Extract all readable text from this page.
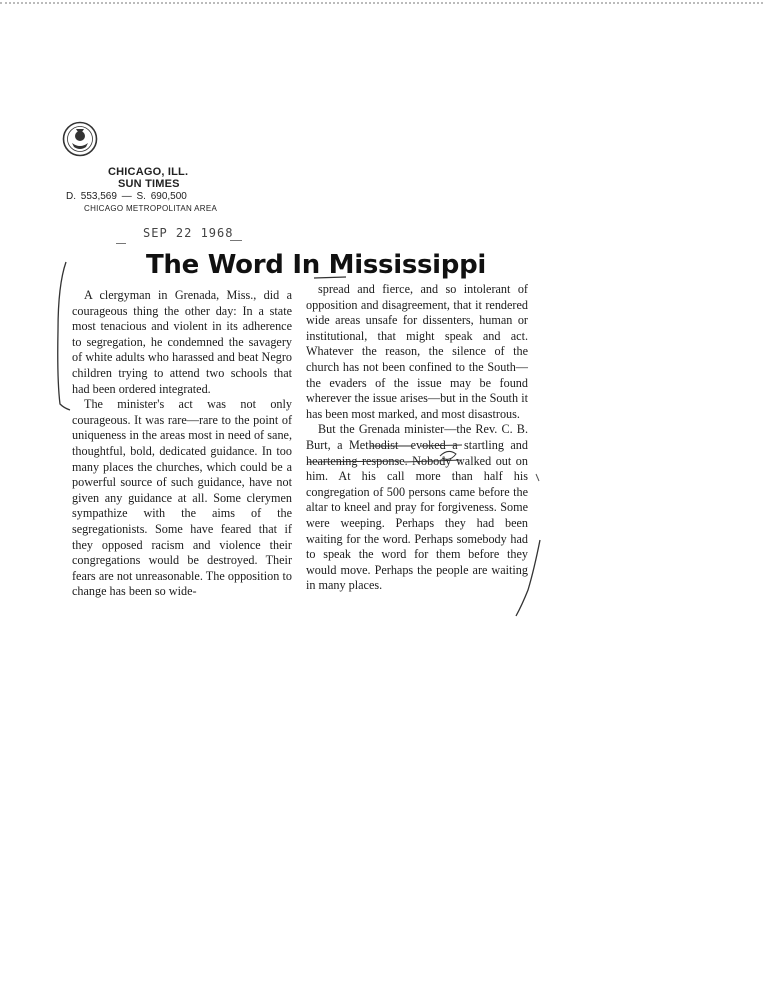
CHICAGO, ILL.
SUN TIMES
D. 553,569 — S. 690,500
CHICAGO METROPOLITAN AREA
SEP 22 1968
The Word In Mississippi

A clergyman in Grenada, Miss., did a courageous thing the other day: In a state most tenacious and violent in its adherence to segregation, he condemned the savagery of white adults who harassed and beat Negro children trying to attend two schools that had been ordered integrated.

The minister's act was not only courageous. It was rare—rare to the point of uniqueness in the areas most in need of sane, thoughtful, bold, dedicated guidance. In too many places the churches, which could be a powerful source of such guidance, have not given any guidance at all. Some clerymen sympathize with the aims of the segregationists. Some have feared that if they opposed racism and violence their congregations would be destroyed. Their fears are not unreasonable. The opposition to change has been so wide-

spread and fierce, and so intolerant of opposition and disagreement, that it rendered wide areas unsafe for dissenters, human or institutional, that might speak and act. Whatever the reason, the silence of the church has not been confined to the South—the evaders of the issue may be found wherever the issue arises—but in the South it has been most marked, and most disastrous.

But the Grenada minister—the Rev. C. B. Burt, a Methodist—evoked a startling and heartening response. Nobody walked out on him. At his call more than half his congregation of 500 persons came before the altar to kneel and pray for forgiveness. Some were weeping. Perhaps they had been waiting for the word. Perhaps somebody had to speak the word for them before they would move. Perhaps the people are waiting in many places.
